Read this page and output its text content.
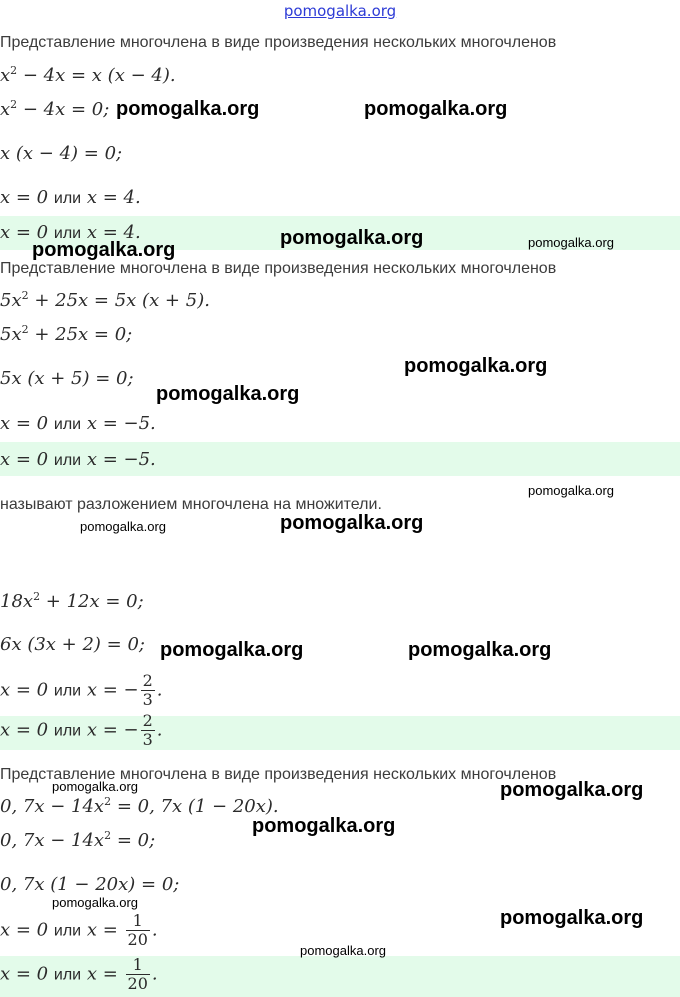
pomogalka.org
Представление многочлена в виде произведения нескольких многочленов
$x^2 - 4x = x$ (x − 4).
$x^2 - 4x = 0$;
x (x − 4) = 0;
x = 0 или x = 4.
x = 0 или x = 4.
Представление многочлена в виде произведения нескольких многочленов
$5x^2 + 25x = 5x$ (x + 5).
$5x^2 + 25x = 0$;
5x (x + 5) = 0;
x = 0 или x = −5.
x = 0 или x = −5.
называют разложением многочлена на множители.
$18x^2 + 12x = 0$;
6x (3x + 2) = 0;
x = 0 или x = − $\frac{2}{3}$ .
x = 0 или x = − $\frac{2}{3}$ .
Представление многочлена в виде произведения нескольких многочленов
0, $7x - 14x^2 = 0$, 7x (1 − 20x).
0, $7x - 14x^2 = 0$;
0, 7x (1 − 20x) = 0;
x = 0 или $x = \frac{1}{20}$ .
x = 0 или $x = \frac{1}{20}$ .
pomogalka.org	pomogalka.org
pomogalka.org
pomogalka.org	pomogalka.org
pomogalka.org
pomogalka.org
pomogalka.org
pomogalka.org
pomogalka.org
pomogalka.org	pomogalka.org
pomogalka.org	pomogalka.org
pomogalka.org
pomogalka.org
pomogalka.org
pomogalka.org
